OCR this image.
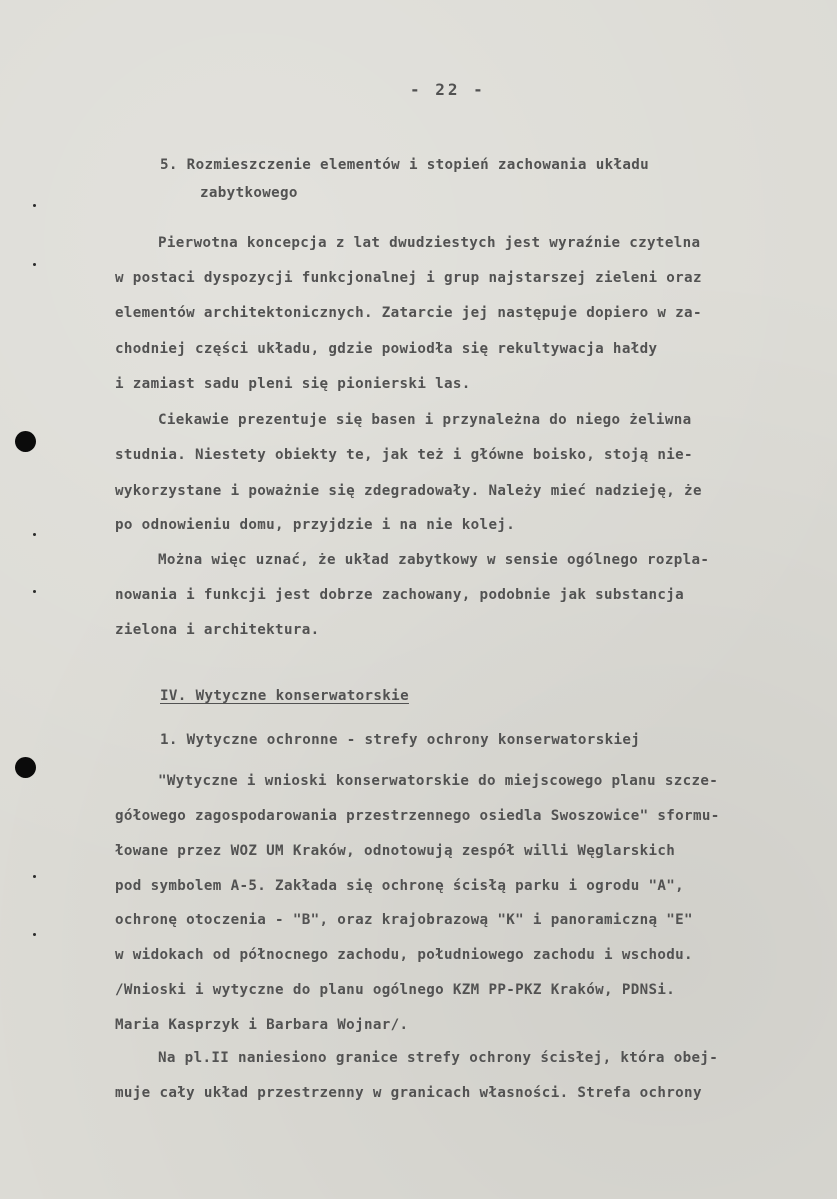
- 22 -
5. Rozmieszczenie elementów i stopień zachowania układu
zabytkowego
Pierwotna koncepcja z lat dwudziestych jest wyraźnie czytelna
w postaci dyspozycji funkcjonalnej i grup najstarszej zieleni oraz
elementów architektonicznych. Zatarcie jej następuje dopiero w za-
chodniej części układu, gdzie powiodła się rekultywacja hałdy
i zamiast sadu pleni się pionierski las.
Ciekawie prezentuje się basen i przynależna do niego żeliwna
studnia. Niestety obiekty te, jak też i główne boisko, stoją nie-
wykorzystane i poważnie się zdegradowały. Należy mieć nadzieję, że
po odnowieniu domu, przyjdzie i na nie kolej.
Można więc uznać, że układ zabytkowy w sensie ogólnego rozpla-
nowania i funkcji jest dobrze zachowany, podobnie jak substancja
zielona i architektura.
IV. Wytyczne konserwatorskie
1. Wytyczne ochronne - strefy ochrony konserwatorskiej
"Wytyczne i wnioski konserwatorskie do miejscowego planu szcze-
gółowego zagospodarowania przestrzennego osiedla Swoszowice" sformu-
łowane przez WOZ UM Kraków, odnotowują zespół willi Węglarskich
pod symbolem A-5. Zakłada się ochronę ścisłą parku i ogrodu "A",
ochronę otoczenia - "B", oraz krajobrazową "K" i panoramiczną "E"
w widokach od północnego zachodu, południowego zachodu i wschodu.
/Wnioski i wytyczne do planu ogólnego KZM PP-PKZ Kraków, PDNSi.
Maria Kasprzyk i Barbara Wojnar/.
Na pl.II naniesiono granice strefy ochrony ścisłej, która obej-
muje cały układ przestrzenny w granicach własności. Strefa ochrony
